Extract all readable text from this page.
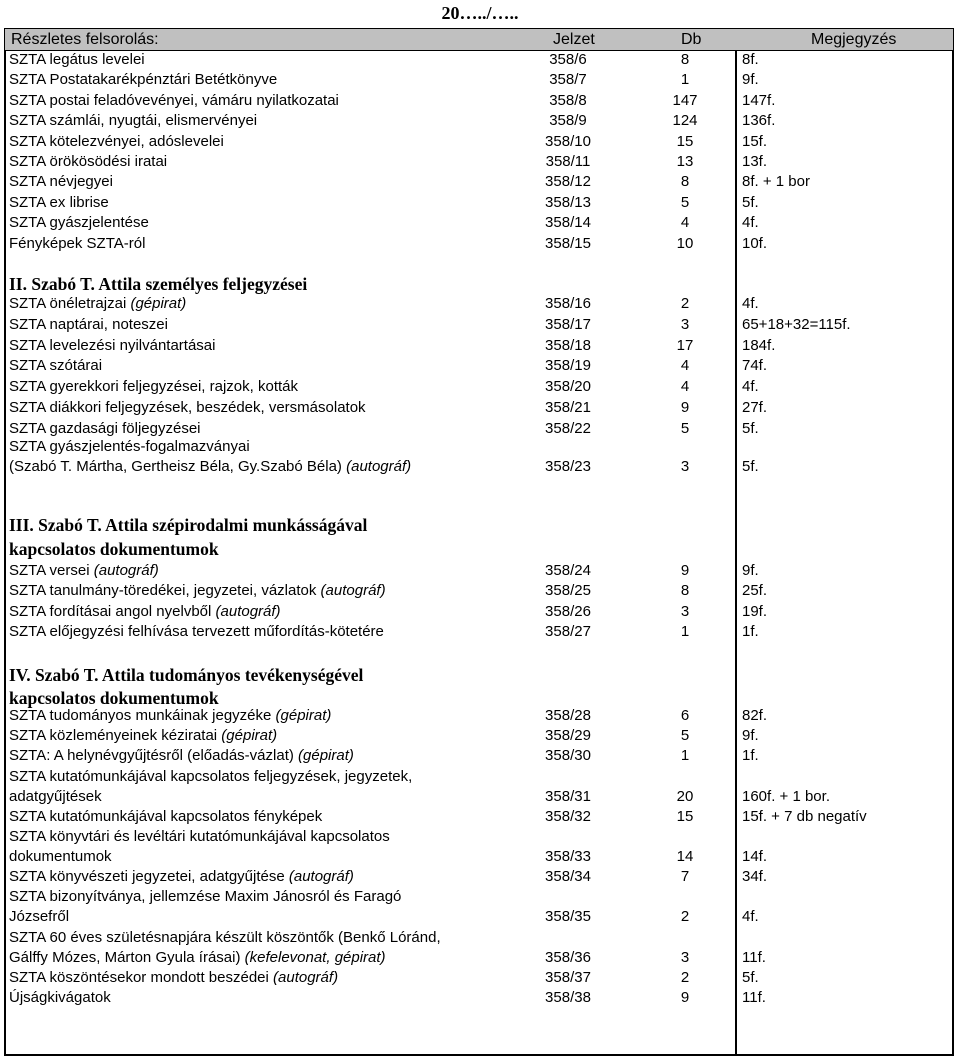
20…../…..
Részletes felsorolás:	Jelzet	Db	Megjegyzés
SZTA legátus levelei	358/6	8	8f.
SZTA Postatakarékpénztári Betétkönyve	358/7	1	9f.
SZTA postai feladóvevényei, vámáru nyilatkozatai	358/8	147	147f.
SZTA számlái, nyugtái, elismervényei	358/9	124	136f.
SZTA kötelezvényei, adóslevelei	358/10	15	15f.
SZTA örökösödési iratai	358/11	13	13f.
SZTA névjegyei	358/12	8	8f. + 1 bor
SZTA ex librise	358/13	5	5f.
SZTA gyászjelentése	358/14	4	4f.
Fényképek SZTA-ról	358/15	10	10f.
II. Szabó T. Attila személyes feljegyzései
SZTA önéletrajzai (gépirat)	358/16	2	4f.
SZTA naptárai, noteszei	358/17	3	65+18+32=115f.
SZTA levelezési nyilvántartásai	358/18	17	184f.
SZTA szótárai	358/19	4	74f.
SZTA gyerekkori feljegyzései, rajzok, kották	358/20	4	4f.
SZTA diákkori feljegyzések, beszédek, versmásolatok	358/21	9	27f.
SZTA gazdasági följegyzései	358/22	5	5f.
SZTA gyászjelentés-fogalmazványai
(Szabó T. Mártha, Gertheisz Béla, Gy.Szabó Béla) (autográf)	358/23	3	5f.
III. Szabó T. Attila szépirodalmi munkásságával
kapcsolatos dokumentumok
SZTA versei (autográf)	358/24	9	9f.
SZTA tanulmány-töredékei, jegyzetei, vázlatok (autográf)	358/25	8	25f.
SZTA fordításai angol nyelvből (autográf)	358/26	3	19f.
SZTA előjegyzési felhívása tervezett műfordítás-kötetére	358/27	1	1f.
IV. Szabó T. Attila tudományos tevékenységével
kapcsolatos dokumentumok
SZTA tudományos munkáinak jegyzéke (gépirat)	358/28	6	82f.
SZTA közleményeinek kéziratai (gépirat)	358/29	5	9f.
SZTA: A helynévgyűjtésről (előadás-vázlat) (gépirat)	358/30	1	1f.
SZTA kutatómunkájával kapcsolatos feljegyzések, jegyzetek,
adatgyűjtések	358/31	20	160f. + 1 bor.
SZTA kutatómunkájával kapcsolatos fényképek	358/32	15	15f. + 7 db negatív
SZTA könyvtári és levéltári kutatómunkájával kapcsolatos
dokumentumok	358/33	14	14f.
SZTA könyvészeti jegyzetei, adatgyűjtése (autográf)	358/34	7	34f.
SZTA bizonyítványa, jellemzése Maxim Jánosról és Faragó
Józsefről	358/35	2	4f.
SZTA 60 éves születésnapjára készült köszöntők (Benkő Lóránd,
Gálffy Mózes, Márton Gyula írásai) (kefelevonat, gépirat)	358/36	3	11f.
SZTA köszöntésekor mondott beszédei (autográf)	358/37	2	5f.
Újságkivágatok	358/38	9	11f.
